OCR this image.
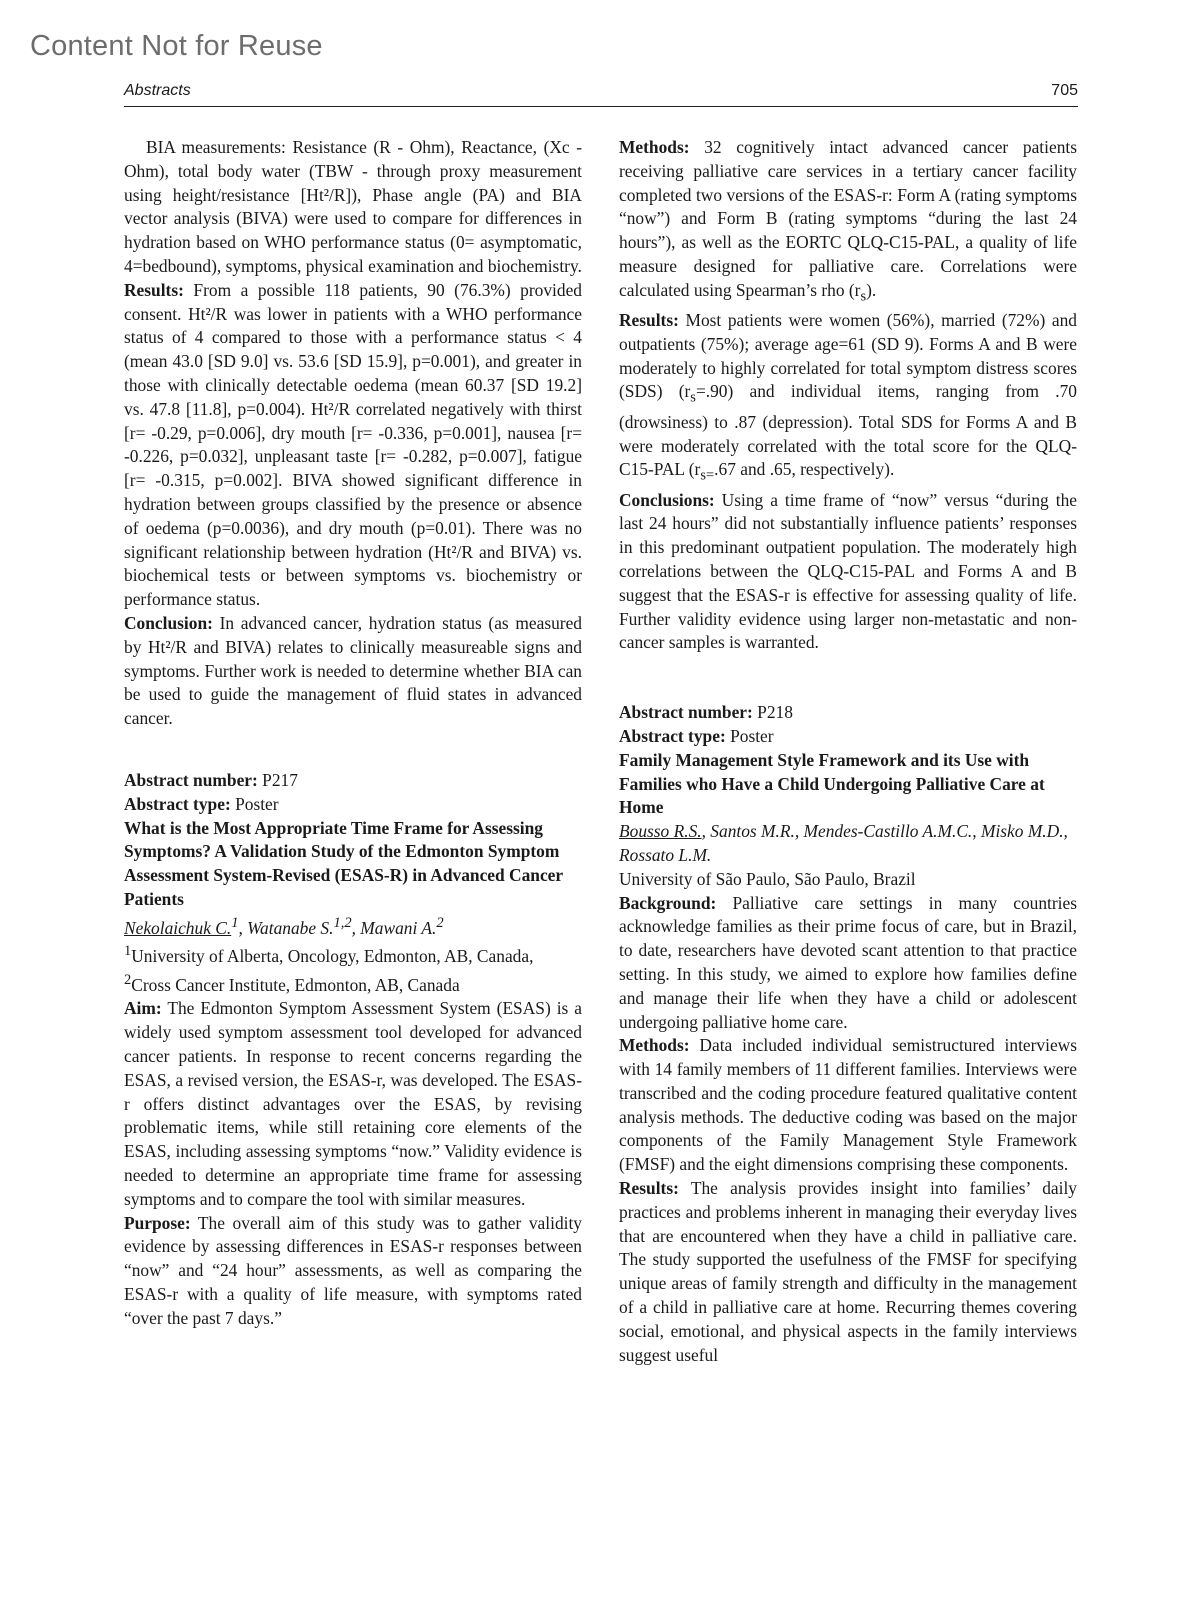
Content Not for Reuse
Abstracts	705

BIA measurements: Resistance (R - Ohm), Reactance, (Xc - Ohm), total body water (TBW - through proxy measurement using height/resistance [Ht²/R]), Phase angle (PA) and BIA vector analysis (BIVA) were used to compare for differences in hydration based on WHO performance status (0= asymptomatic, 4=bedbound), symptoms, physical examination and biochemistry.

Results: From a possible 118 patients, 90 (76.3%) provided consent. Ht²/R was lower in patients with a WHO performance status of 4 compared to those with a performance status < 4 (mean 43.0 [SD 9.0] vs. 53.6 [SD 15.9], p=0.001), and greater in those with clinically detectable oedema (mean 60.37 [SD 19.2] vs. 47.8 [11.8], p=0.004). Ht²/R correlated negatively with thirst [r= -0.29, p=0.006], dry mouth [r= -0.336, p=0.001], nausea [r= -0.226, p=0.032], unpleasant taste [r= -0.282, p=0.007], fatigue [r= -0.315, p=0.002]. BIVA showed significant difference in hydration between groups classified by the presence or absence of oedema (p=0.0036), and dry mouth (p=0.01). There was no significant relationship between hydration (Ht²/R and BIVA) vs. biochemical tests or between symptoms vs. biochemistry or performance status.

Conclusion: In advanced cancer, hydration status (as measured by Ht²/R and BIVA) relates to clinically measureable signs and symptoms. Further work is needed to determine whether BIA can be used to guide the management of fluid states in advanced cancer.

Abstract number: P217

Abstract type: Poster

What is the Most Appropriate Time Frame for Assessing Symptoms? A Validation Study of the Edmonton Symptom Assessment System-Revised (ESAS-R) in Advanced Cancer Patients

Nekolaichuk C.$^1$, Watanabe S.$^{1,2}$, Mawani A.$^2$

$^1$University of Alberta, Oncology, Edmonton, AB, Canada, $^2$Cross Cancer Institute, Edmonton, AB, Canada

Aim: The Edmonton Symptom Assessment System (ESAS) is a widely used symptom assessment tool developed for advanced cancer patients. In response to recent concerns regarding the ESAS, a revised version, the ESAS-r, was developed. The ESAS-r offers distinct advantages over the ESAS, by revising problematic items, while still retaining core elements of the ESAS, including assessing symptoms “now.” Validity evidence is needed to determine an appropriate time frame for assessing symptoms and to compare the tool with similar measures.

Purpose: The overall aim of this study was to gather validity evidence by assessing differences in ESAS-r responses between “now” and “24 hour” assessments, as well as comparing the ESAS-r with a quality of life measure, with symptoms rated “over the past 7 days.”

Methods: 32 cognitively intact advanced cancer patients receiving palliative care services in a tertiary cancer facility completed two versions of the ESAS-r: Form A (rating symptoms “now”) and Form B (rating symptoms “during the last 24 hours”), as well as the EORTC QLQ-C15-PAL, a quality of life measure designed for palliative care. Correlations were calculated using Spearman’s rho $(r_s)$.

Results: Most patients were women (56%), married (72%) and outpatients (75%); average age=61 (SD 9). Forms A and B were moderately to highly correlated for total symptom distress scores (SDS) $(r_s=.90)$ and individual items, ranging from .70 (drowsiness) to .87 (depression). Total SDS for Forms A and B were moderately correlated with the total score for the QLQ-C15-PAL ($r_{s=}.67$ and .65, respectively).

Conclusions: Using a time frame of “now” versus “during the last 24 hours” did not substantially influence patients’ responses in this predominant outpatient population. The moderately high correlations between the QLQ-C15-PAL and Forms A and B suggest that the ESAS-r is effective for assessing quality of life. Further validity evidence using larger non-metastatic and non-cancer samples is warranted.

Abstract number: P218

Abstract type: Poster

Family Management Style Framework and its Use with Families who Have a Child Undergoing Palliative Care at Home

Bousso R.S., Santos M.R., Mendes-Castillo A.M.C., Misko M.D., Rossato L.M.

University of São Paulo, São Paulo, Brazil

Background: Palliative care settings in many countries acknowledge families as their prime focus of care, but in Brazil, to date, researchers have devoted scant attention to that practice setting. In this study, we aimed to explore how families define and manage their life when they have a child or adolescent undergoing palliative home care.

Methods: Data included individual semistructured interviews with 14 family members of 11 different families. Interviews were transcribed and the coding procedure featured qualitative content analysis methods. The deductive coding was based on the major components of the Family Management Style Framework (FMSF) and the eight dimensions comprising these components.

Results: The analysis provides insight into families’ daily practices and problems inherent in managing their everyday lives that are encountered when they have a child in palliative care. The study supported the usefulness of the FMSF for specifying unique areas of family strength and difficulty in the management of a child in palliative care at home. Recurring themes covering social, emotional, and physical aspects in the family interviews suggest useful
